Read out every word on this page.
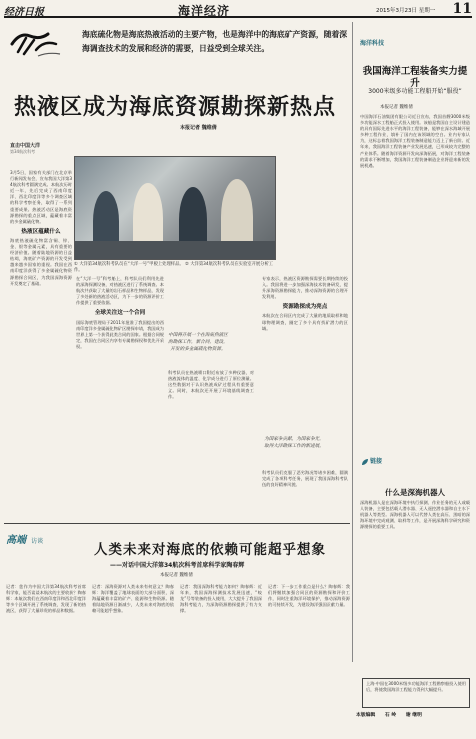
经济日报	海洋经济	2015年3月23日 星期一 11
海底硫化物是海底热液活动的主要产物，也是海洋中的海底矿产资源，随着深海调查技术的发展和经济的需要，日益受到全球关注。
热液区成为海底资源勘探新热点
本报记者 魏维倩
直击中国大洋
第34航次科考
① 大洋第34航次科考队员在“大洋一号”甲板上处理样品。 ② 大洋第34航次科考队员在实验室开展分析工作。
3月5日，国家有关部门在北京举行新闻发布会，宣布我国大洋第34航次科考圆满完成。本航次历时近一年，先后完成了西南印度洋、西北印度洋等多个调查区域的科学考察任务，取得了一系列重要成果。热液活动区是海底资源勘探的重点区域，蕴藏着丰富的多金属硫化物。
热液区蕴藏什么
海底热液硫化物富含铜、锌、金、银等金属元素，具有重要的经济价值。随着陆地资源的日益枯竭，海底矿产资源的开发受到越来越多国家的重视。我国在西南印度洋获得了多金属硫化物资源勘探合同区，为我国深海资源开发奠定了基础。
在“大洋一号”科考船上，科考队员们利用先进的深海探测设备，对热液区进行了系统调查。本航次共获取了大量的岩石样品和生物样品，发现了多处新的热液活动区，为下一步的资源评价工作提供了重要依据。
全球关注这一个合同
国际海底管理局于2011年批准了我国提出的西南印度洋多金属硫化物矿区勘探申请，我国成为世界上第一个获得此类合同的国家。根据合同规定，我国在合同区内享有专属勘探权和优先开采权。
中国将开展一个在海底热液区的勘探工作，新合同，建设，开发的多金属硫化物资源。
科考队员在热液喷口附近布放了多种仪器，对热液流体的温度、化学成分进行了原位测量。这些数据对于认识热液成矿过程具有重要意义。同时，本航次还开展了环境基线调查工作。
专家表示，热液区资源勘探需要长期持续的投入。我国将进一步加强深海技术装备研发，提升深海资源勘探能力，推动深海资源的合理开发利用。
资源勘探成为亮点
本航次在合同区内完成了大量的地质取样和地球物理调查，圈定了多个具有找矿潜力的区域。
为国家争贡献，为国家争光，取得大洋勘探工作的新进展。
科考队员们克服了恶劣海况等诸多困难，圆满完成了各项科考任务，展现了我国深海科考队伍的良好精神风貌。
海洋科技
我国海洋工程装备实力提升
3000米级多功能工程船开始“服役”
本报记者 魏维倩
中国海洋石油集团有限公司近日宣布，我国首艘3000米级多功能深水工程船正式投入使用。该船是我国自主设计建造的具有国际先进水平的海洋工程装备，能够在深水海域开展多种工程作业，填补了国内在该领域的空白。业内专家认为，这标志着我国海洋工程装备制造能力迈上了新台阶。近年来，我国海洋工程装备产业发展迅速，已形成较为完整的产业体系。随着海洋资源开发向深海拓展，对海洋工程装备的需求不断增加，我国海洋工程装备制造企业将迎来新的发展机遇。
链接
什么是深海机器人
深海机器人是在深海环境中执行探测、作业任务的无人或载人装备，主要包括载人潜水器、无人遥控潜水器和自主水下机器人等类型。深海机器人可以代替人类在高压、黑暗的深海环境中完成观测、取样等工作，是开展深海科学研究和资源勘探的重要工具。
上海·中国在3000米级多功能海洋工程勘察船投入使用后，将使我国海洋工程能力得到大幅提升。
本版编辑 石 岭 谢 继明
高端 访谈
人类未来对海底的依赖可能超乎想象
——对话中国大洋第34航次科考首席科学家陶春辉
本报记者 魏维倩
记者：您作为中国大洋第34航次科考首席科学家，能否谈谈本航次的主要收获？陶春辉：本航次我们在西南印度洋和西北印度洋等多个区域开展了系统调查，发现了新的热液区，获得了大量珍贵的样品和数据。
记者：深海资源对人类未来有何意义？陶春辉：海洋覆盖了地球表面的大部分面积，深海蕴藏着丰富的矿产、能源和生物资源。随着陆地资源日渐减少，人类未来对海底的依赖可能超乎想象。
记者：我国深海科考能力如何？陶春辉：近年来，我国深海探测技术发展迅速，“蛟龙”号等装备的投入使用，大大提升了我国深海科考能力，为深海资源勘探提供了有力支撑。
记者：下一步工作重点是什么？陶春辉：我们将继续加强合同区的资源勘探和评价工作，同时注重海洋环境保护，推动深海资源的可持续开发，为建设海洋强国贡献力量。
